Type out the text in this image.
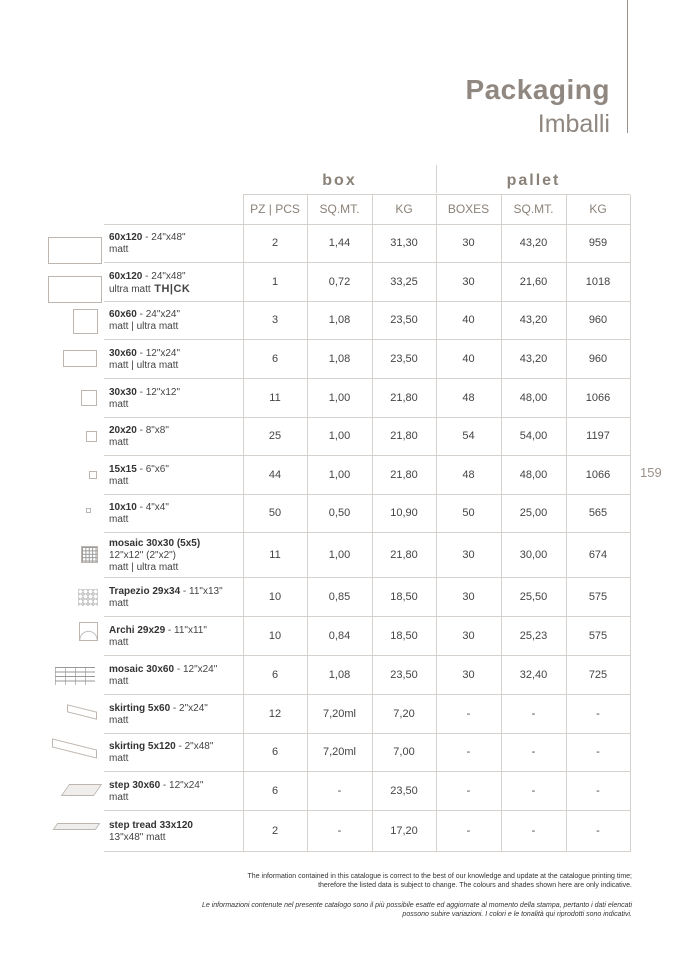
Packaging
Imballi
159
box	pallet
PZ | PCS	SQ.MT.	KG	BOXES	SQ.MT.	KG
60x120 - 24"x48"
matt
2	1,44	31,30	30	43,20	959
60x120 - 24"x48"
ultra matt TH|CK
1	0,72	33,25	30	21,60	1018
60x60 - 24"x24"
matt | ultra matt
3	1,08	23,50	40	43,20	960
30x60 - 12"x24"
matt | ultra matt
6	1,08	23,50	40	43,20	960
30x30 - 12"x12"
matt
11	1,00	21,80	48	48,00	1066
20x20 - 8"x8"
matt
25	1,00	21,80	54	54,00	1197
15x15 - 6"x6"
matt
44	1,00	21,80	48	48,00	1066
10x10 - 4"x4"
matt
50	0,50	10,90	50	25,00	565
mosaic 30x30 (5x5)
12"x12" (2"x2")
matt | ultra matt
11	1,00	21,80	30	30,00	674
Trapezio 29x34 - 11"x13"
matt
10	0,85	18,50	30	25,50	575
Archi 29x29 - 11"x11"
matt
10	0,84	18,50	30	25,23	575
mosaic 30x60 - 12"x24"
matt
6	1,08	23,50	30	32,40	725
skirting 5x60 - 2"x24"
matt
12	7,20ml	7,20	-	-	-
skirting 5x120 - 2"x48"
matt
6	7,20ml	7,00	-	-	-
step 30x60 - 12"x24"
matt
6	-	23,50	-	-	-
step tread 33x120
13"x48" matt
2	-	17,20	-	-	-
The information contained in this catalogue is correct to the best of our knowledge and update at the catalogue printing time;
therefore the listed data is subject to change. The colours and shades shown here are only indicative.
Le informazioni contenute nel presente catalogo sono il più possibile esatte ed aggiornate al momento della stampa, pertanto i dati elencati
possono subire variazioni. I colori e le tonalità qui riprodotti sono indicativi.
